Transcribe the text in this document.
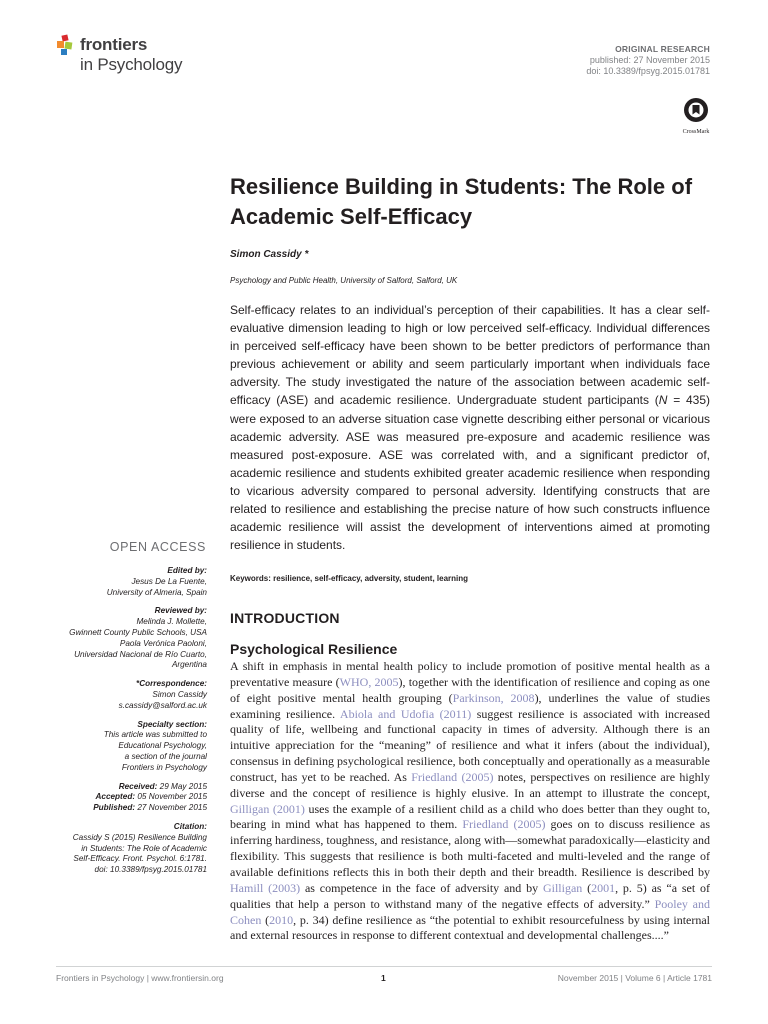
frontiers
in Psychology
ORIGINAL RESEARCH
published: 27 November 2015
doi: 10.3389/fpsyg.2015.01781
CrossMark
Resilience Building in Students: The Role of Academic Self-Efficacy
Simon Cassidy *
Psychology and Public Health, University of Salford, Salford, UK

Self-efficacy relates to an individual’s perception of their capabilities. It has a clear self-evaluative dimension leading to high or low perceived self-efficacy. Individual differences in perceived self-efficacy have been shown to be better predictors of performance than previous achievement or ability and seem particularly important when individuals face adversity. The study investigated the nature of the association between academic self-efficacy (ASE) and academic resilience. Undergraduate student participants (N = 435) were exposed to an adverse situation case vignette describing either personal or vicarious academic adversity. ASE was measured pre-exposure and academic resilience was measured post-exposure. ASE was correlated with, and a significant predictor of, academic resilience and students exhibited greater academic resilience when responding to vicarious adversity compared to personal adversity. Identifying constructs that are related to resilience and establishing the precise nature of how such constructs influence academic resilience will assist the development of interventions aimed at promoting resilience in students.

Keywords: resilience, self-efficacy, adversity, student, learning
INTRODUCTION
Psychological Resilience

A shift in emphasis in mental health policy to include promotion of positive mental health as a preventative measure (WHO, 2005), together with the identification of resilience and coping as one of eight positive mental health grouping (Parkinson, 2008), underlines the value of studies examining resilience. Abiola and Udofia (2011) suggest resilience is associated with increased quality of life, wellbeing and functional capacity in times of adversity. Although there is an intuitive appreciation for the “meaning” of resilience and what it infers (about the individual), consensus in defining psychological resilience, both conceptually and operationally as a measurable construct, has yet to be reached. As Friedland (2005) notes, perspectives on resilience are highly diverse and the concept of resilience is highly elusive. In an attempt to illustrate the concept, Gilligan (2001) uses the example of a resilient child as a child who does better than they ought to, bearing in mind what has happened to them. Friedland (2005) goes on to discuss resilience as inferring hardiness, toughness, and resistance, along with—somewhat paradoxically—elasticity and flexibility. This suggests that resilience is both multi-faceted and multi-leveled and the range of available definitions reflects this in both their depth and their breadth. Resilience is described by Hamill (2003) as competence in the face of adversity and by Gilligan (2001, p. 5) as “a set of qualities that help a person to withstand many of the negative effects of adversity.” Pooley and Cohen (2010, p. 34) define resilience as “the potential to exhibit resourcefulness by using internal and external resources in response to different contextual and developmental challenges....”

OPEN ACCESS
Edited by:
Jesus De La Fuente,
University of Almeria, Spain
Reviewed by:
Melinda J. Mollette,
Gwinnett County Public Schools, USA
Paola Verónica Paoloni,
Universidad Nacional de Río Cuarto,
Argentina
*Correspondence:
Simon Cassidy
s.cassidy@salford.ac.uk
Specialty section:
This article was submitted to
Educational Psychology,
a section of the journal
Frontiers in Psychology
Received: 29 May 2015
Accepted: 05 November 2015
Published: 27 November 2015
Citation:
Cassidy S (2015) Resilience Building
in Students: The Role of Academic
Self-Efficacy. Front. Psychol. 6:1781.
doi: 10.3389/fpsyg.2015.01781
Frontiers in Psychology | www.frontiersin.org	1	November 2015 | Volume 6 | Article 1781
